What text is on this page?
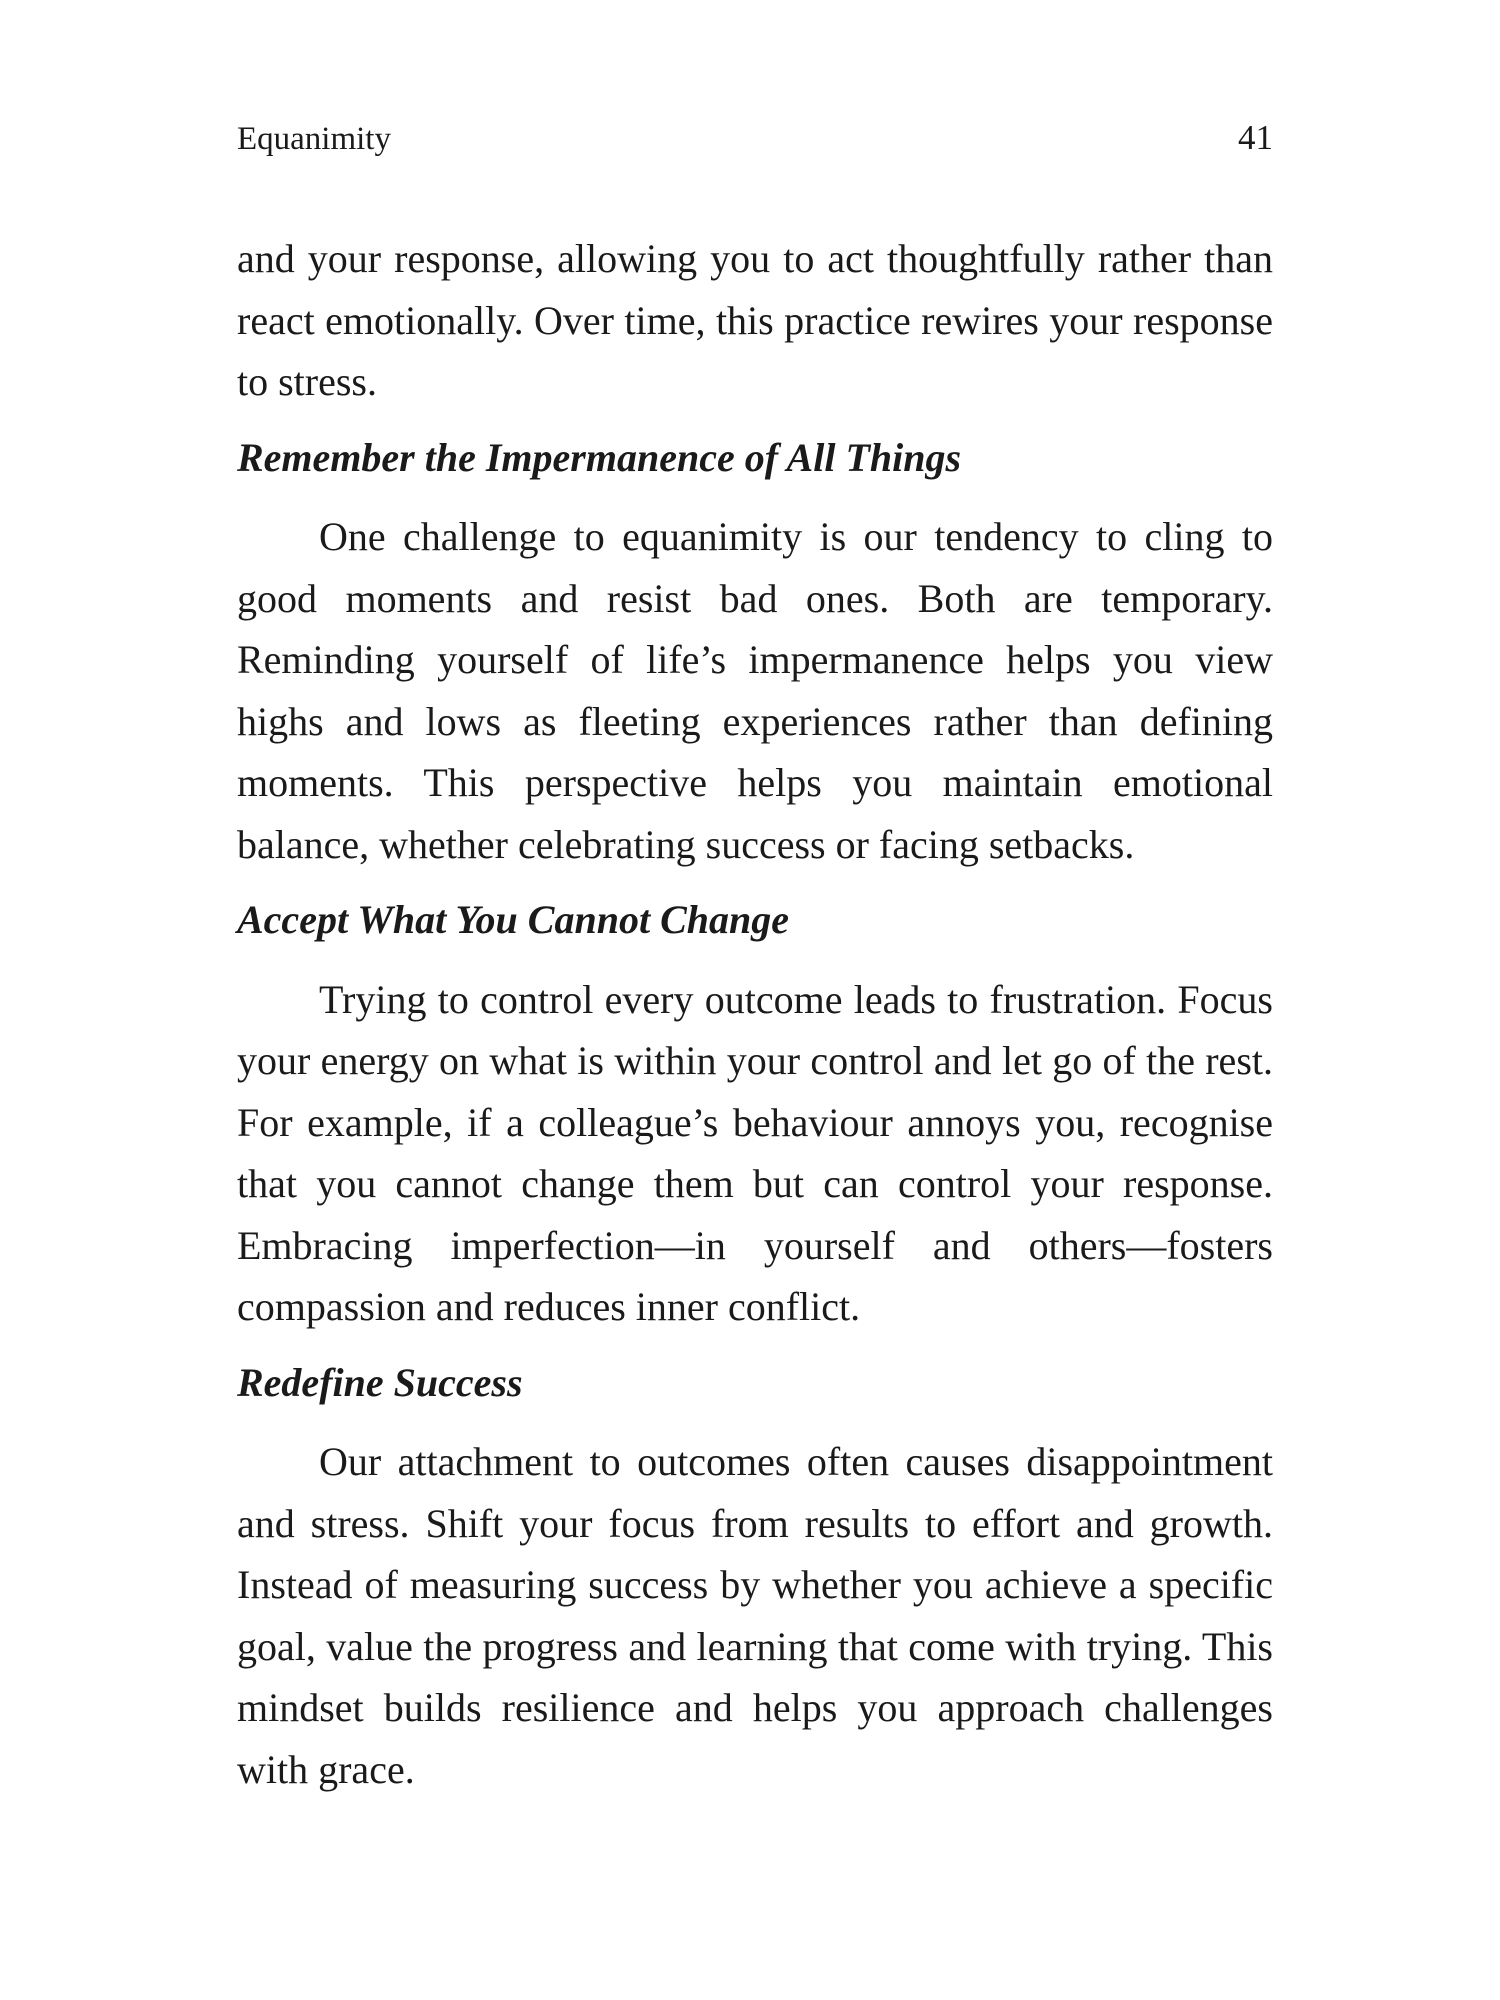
Equanimity	41

and your response, allowing you to act thoughtfully rather than react emotionally. Over time, this practice rewires your response to stress.

Remember the Impermanence of All Things

One challenge to equanimity is our tendency to cling to good moments and resist bad ones. Both are temporary. Reminding yourself of life’s impermanence helps you view highs and lows as fleeting experiences rather than defining moments. This perspective helps you maintain emotional balance, whether celebrating success or facing setbacks.

Accept What You Cannot Change

Trying to control every outcome leads to frustration. Focus your energy on what is within your control and let go of the rest. For example, if a colleague’s behaviour annoys you, recognise that you cannot change them but can control your response. Embracing imperfection—in yourself and others—fosters compassion and reduces inner conflict.

Redefine Success

Our attachment to outcomes often causes disappointment and stress. Shift your focus from results to effort and growth. Instead of measuring success by whether you achieve a specific goal, value the progress and learning that come with trying. This mindset builds resilience and helps you approach challenges with grace.
